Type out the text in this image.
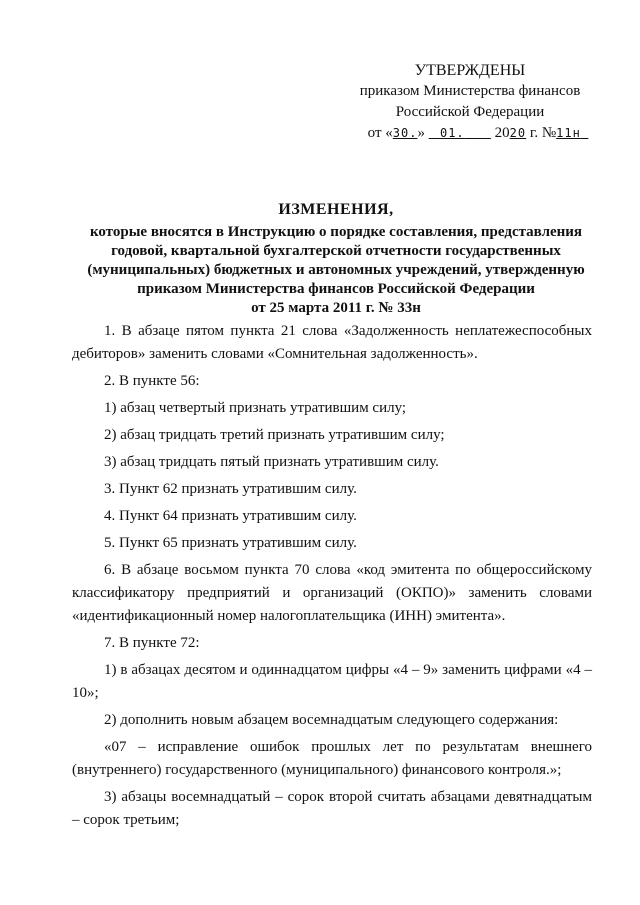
УТВЕРЖДЕНЫ
приказом Министерства финансов
Российской Федерации
от «30.»    01. 2020 г. №11н
ИЗМЕНЕНИЯ,
которые вносятся в Инструкцию о порядке составления, представления
годовой, квартальной бухгалтерской отчетности государственных
(муниципальных) бюджетных и автономных учреждений, утвержденную
приказом Министерства финансов Российской Федерации
от 25 марта 2011 г. № 33н

1. В абзаце пятом пункта 21 слова «Задолженность неплатежеспособных дебиторов» заменить словами «Сомнительная задолженность».

2. В пункте 56:

1) абзац четвертый признать утратившим силу;

2) абзац тридцать третий признать утратившим силу;

3) абзац тридцать пятый признать утратившим силу.

3. Пункт 62 признать утратившим силу.

4. Пункт 64 признать утратившим силу.

5. Пункт 65 признать утратившим силу.

6. В абзаце восьмом пункта 70 слова «код эмитента по общероссийскому классификатору предприятий и организаций (ОКПО)» заменить словами «идентификационный номер налогоплательщика (ИНН) эмитента».

7. В пункте 72:

1) в абзацах десятом и одиннадцатом цифры «4 – 9» заменить цифрами «4 – 10»;

2) дополнить новым абзацем восемнадцатым следующего содержания:

«07 – исправление ошибок прошлых лет по результатам внешнего (внутреннего) государственного (муниципального) финансового контроля.»;

3) абзацы восемнадцатый – сорок второй считать абзацами девятнадцатым – сорок третьим;
